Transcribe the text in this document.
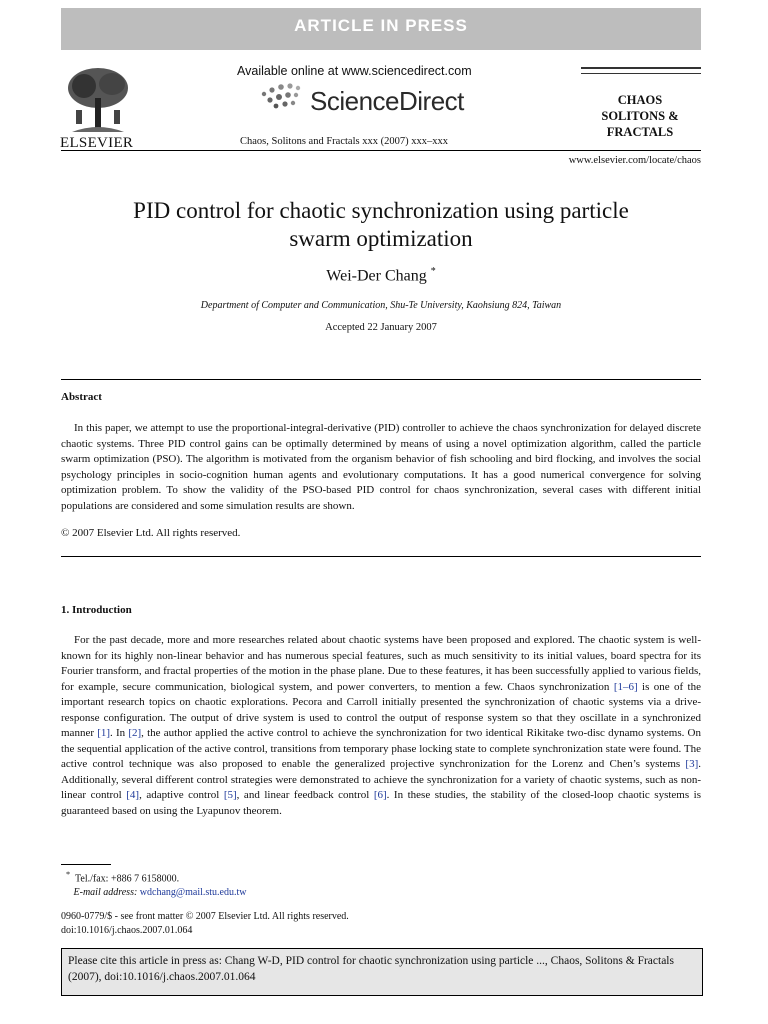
ARTICLE IN PRESS
ELSEVIER
Available online at www.sciencedirect.com
ScienceDirect
Chaos, Solitons and Fractals xxx (2007) xxx–xxx
CHAOS
SOLITONS & FRACTALS
www.elsevier.com/locate/chaos
PID control for chaotic synchronization using particle
swarm optimization
Wei-Der Chang *
Department of Computer and Communication, Shu-Te University, Kaohsiung 824, Taiwan
Accepted 22 January 2007
Abstract

In this paper, we attempt to use the proportional-integral-derivative (PID) controller to achieve the chaos synchronization for delayed discrete chaotic systems. Three PID control gains can be optimally determined by means of using a novel optimization algorithm, called the particle swarm optimization (PSO). The algorithm is motivated from the organism behavior of fish schooling and bird flocking, and involves the social psychology principles in socio-cognition human agents and evolutionary computations. It has a good numerical convergence for solving optimization problem. To show the validity of the PSO-based PID control for chaos synchronization, several cases with different initial populations are considered and some simulation results are shown.

© 2007 Elsevier Ltd. All rights reserved.
1. Introduction

For the past decade, more and more researches related about chaotic systems have been proposed and explored. The chaotic system is well-known for its highly non-linear behavior and has numerous special features, such as much sensitivity to its initial values, board spectra for its Fourier transform, and fractal properties of the motion in the phase plane. Due to these features, it has been successfully applied to various fields, for example, secure communication, biological system, and power converters, to mention a few. Chaos synchronization [1–6] is one of the important research topics on chaotic explorations. Pecora and Carroll initially presented the synchronization of chaotic systems via a drive-response configuration. The output of drive system is used to control the output of response system so that they oscillate in a synchronized manner [1]. In [2], the author applied the active control to achieve the synchronization for two identical Rikitake two-disc dynamo systems. On the sequential application of the active control, transitions from temporary phase locking state to complete synchronization state were found. The active control technique was also proposed to enable the generalized projective synchronization for the Lorenz and Chen’s systems [3]. Additionally, several different control strategies were demonstrated to achieve the synchronization for a variety of chaotic systems, such as non-linear control [4], adaptive control [5], and linear feedback control [6]. In these studies, the stability of the closed-loop chaotic systems is guaranteed based on using the Lyapunov theorem.

* Tel./fax: +886 7 6158000.
E-mail address: wdchang@mail.stu.edu.tw
0960-0779/$ - see front matter © 2007 Elsevier Ltd. All rights reserved.
doi:10.1016/j.chaos.2007.01.064
Please cite this article in press as: Chang W-D, PID control for chaotic synchronization using particle ..., Chaos, Solitons & Fractals (2007), doi:10.1016/j.chaos.2007.01.064
